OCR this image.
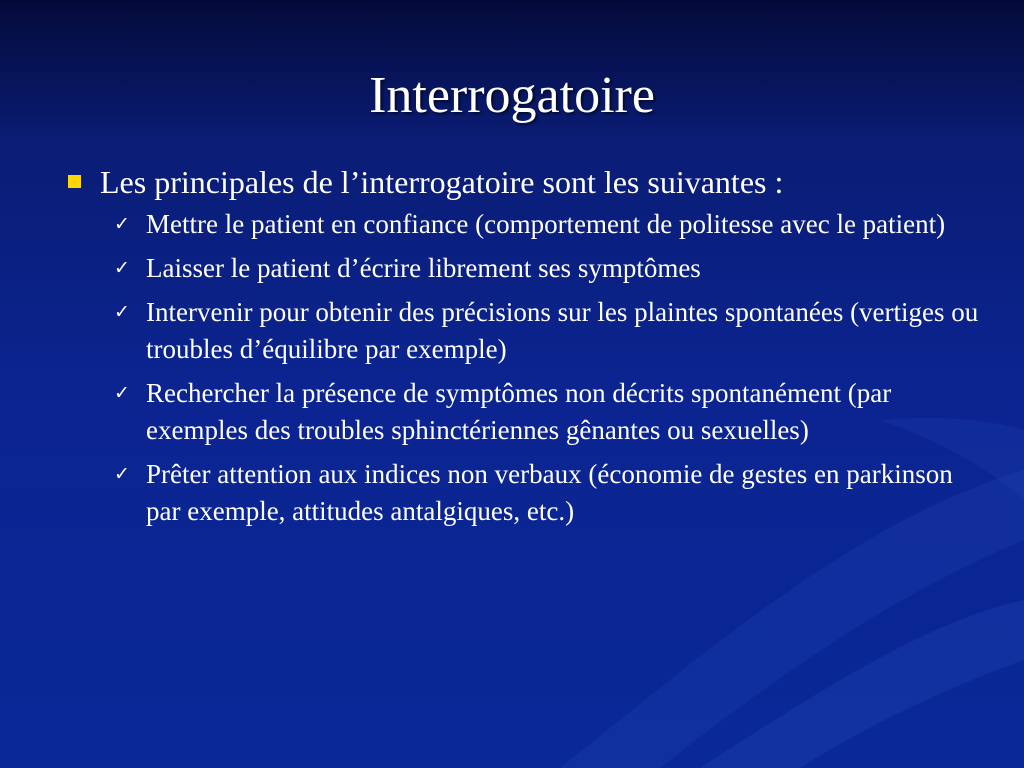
Interrogatoire
Les principales de l’interrogatoire sont les suivantes :
✓ Mettre le patient en confiance (comportement de politesse avec le patient)
✓ Laisser le patient d’écrire librement ses symptômes
✓ Intervenir pour obtenir des précisions sur les plaintes spontanées (vertiges ou troubles d’équilibre par exemple)
✓ Rechercher la présence de symptômes non décrits spontanément (par exemples des troubles sphinctériennes gênantes ou sexuelles)
✓ Prêter attention aux indices non verbaux (économie de gestes en parkinson par exemple, attitudes antalgiques, etc.)
